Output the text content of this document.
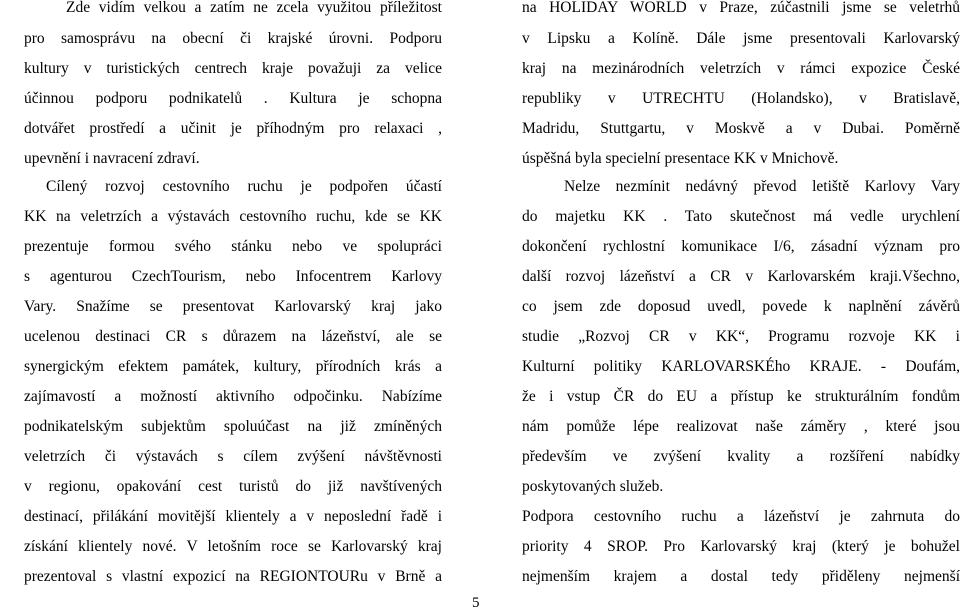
Zde vidím velkou a zatím ne zcela využitou příležitost
pro samosprávu na obecní či krajské úrovni. Podporu
kultury v turistických centrech kraje považuji za velice
účinnou podporu podnikatelů . Kultura je schopna
dotvářet prostředí a učinit je příhodným pro relaxaci ,
upevnění i navracení zdraví.
Cílený rozvoj cestovního ruchu je podpořen účastí
KK na veletrzích a výstavách cestovního ruchu, kde se KK
prezentuje formou svého stánku nebo ve spolupráci
s agenturou CzechTourism, nebo Infocentrem Karlovy
Vary. Snažíme se presentovat Karlovarský kraj jako
ucelenou destinaci CR s důrazem na lázeňství, ale se
synergickým efektem památek, kultury, přírodních krás a
zajímavostí a možností aktivního odpočinku. Nabízíme
podnikatelským subjektům spoluúčast na již zmíněných
veletrzích či výstavách s cílem zvýšení návštěvnosti
v regionu, opakování cest turistů do již navštívených
destinací, přilákání movitější klientely a v neposlední řadě i
získání klientely nové. V letošním roce se Karlovarský kraj
prezentoval s vlastní expozicí na REGIONTOURu v Brně a
na HOLIDAY WORLD v Praze, zúčastnili jsme se veletrhů
v Lipsku a Kolíně. Dále jsme presentovali Karlovarský
kraj na mezinárodních veletrzích v rámci expozice České
republiky v UTRECHTU (Holandsko), v Bratislavě,
Madridu, Stuttgartu, v Moskvě a v Dubai. Poměrně
úspěšná byla specielní presentace KK v Mnichově.
Nelze nezmínit nedávný převod letiště Karlovy Vary
do majetku KK . Tato skutečnost má vedle urychlení
dokončení rychlostní komunikace I/6, zásadní význam pro
další rozvoj lázeňství a CR v Karlovarském kraji.Všechno,
co jsem zde doposud uvedl, povede k naplnění závěrů
studie „Rozvoj CR v KK“, Programu rozvoje KK i
Kulturní politiky KARLOVARSKÉho KRAJE. - Doufám,
že i vstup ČR do EU a přístup ke strukturálním fondům
nám pomůže lépe realizovat naše záměry , které jsou
především ve zvýšení kvality a rozšíření nabídky
poskytovaných služeb.
Podpora cestovního ruchu a lázeňství je zahrnuta do
priority 4 SROP. Pro Karlovarský kraj (který je bohužel
nejmenším krajem a dostal tedy přiděleny nejmenší
5
